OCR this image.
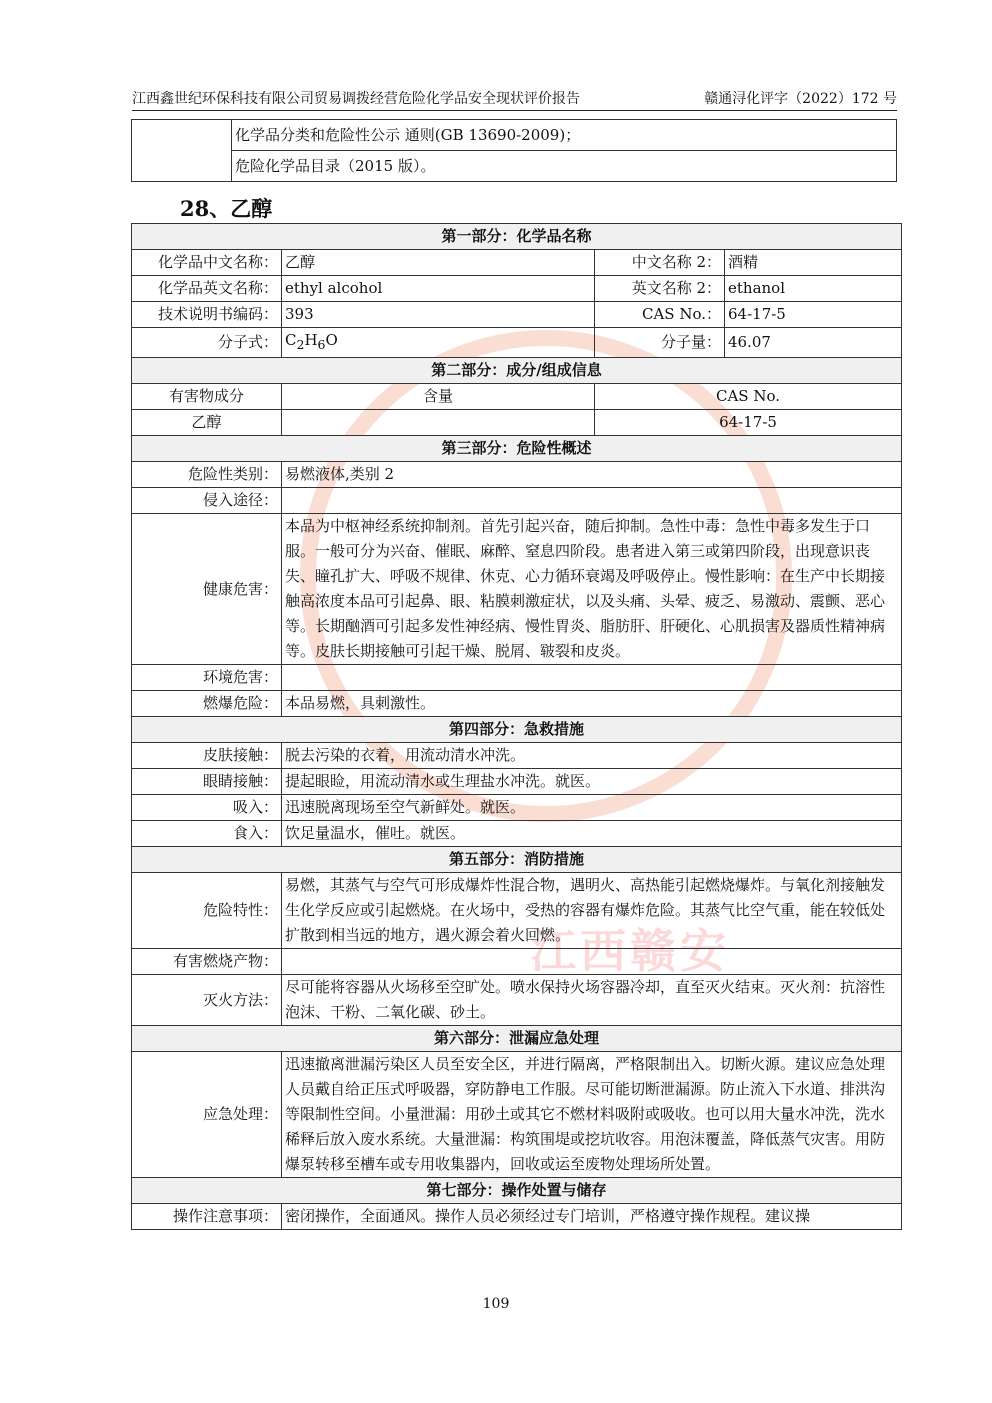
江西赣安
江西鑫世纪环保科技有限公司贸易调拨经营危险化学品安全现状评价报告	赣通浔化评字（2022）172 号
	化学品分类和危险性公示 通则(GB 13690-2009)；
危险化学品目录（2015 版）。
28、乙醇
第一部分：化学品名称			
化学品中文名称：	乙醇	中文名称 2：	酒精
化学品英文名称：	ethyl alcohol	英文名称 2：	ethanol
技术说明书编码：	393	CAS No.：	64-17-5
分子式：	$C_2H_6O$	分子量：	46.07
第二部分：成分/组成信息			
有害物成分	含量	CAS No.	
乙醇		64-17-5	
第三部分：危险性概述			
危险性类别：	易燃液体,类别 2		
侵入途径：			
健康危害：	本品为中枢神经系统抑制剂。首先引起兴奋，随后抑制。急性中毒：急性中毒多发生于口服。一般可分为兴奋、催眠、麻醉、窒息四阶段。患者进入第三或第四阶段，出现意识丧失、瞳孔扩大、呼吸不规律、休克、心力循环衰竭及呼吸停止。慢性影响：在生产中长期接触高浓度本品可引起鼻、眼、粘膜刺激症状，以及头痛、头晕、疲乏、易激动、震颤、恶心等。长期酗酒可引起多发性神经病、慢性胃炎、脂肪肝、肝硬化、心肌损害及器质性精神病等。皮肤长期接触可引起干燥、脱屑、皲裂和皮炎。		
环境危害：			
燃爆危险：	本品易燃，具刺激性。		
第四部分：急救措施			
皮肤接触：	脱去污染的衣着，用流动清水冲洗。		
眼睛接触：	提起眼睑，用流动清水或生理盐水冲洗。就医。		
吸入：	迅速脱离现场至空气新鲜处。就医。		
食入：	饮足量温水，催吐。就医。		
第五部分：消防措施			
危险特性：	易燃，其蒸气与空气可形成爆炸性混合物，遇明火、高热能引起燃烧爆炸。与氧化剂接触发生化学反应或引起燃烧。在火场中，受热的容器有爆炸危险。其蒸气比空气重，能在较低处扩散到相当远的地方，遇火源会着火回燃。		
有害燃烧产物：			
灭火方法：	尽可能将容器从火场移至空旷处。喷水保持火场容器冷却，直至灭火结束。灭火剂：抗溶性泡沫、干粉、二氧化碳、砂土。		
第六部分：泄漏应急处理			
应急处理：	迅速撤离泄漏污染区人员至安全区，并进行隔离，严格限制出入。切断火源。建议应急处理人员戴自给正压式呼吸器，穿防静电工作服。尽可能切断泄漏源。防止流入下水道、排洪沟等限制性空间。小量泄漏：用砂土或其它不燃材料吸附或吸收。也可以用大量水冲洗，洗水稀释后放入废水系统。大量泄漏：构筑围堤或挖坑收容。用泡沫覆盖，降低蒸气灾害。用防爆泵转移至槽车或专用收集器内，回收或运至废物处理场所处置。		
第七部分：操作处置与储存			
操作注意事项：	密闭操作，全面通风。操作人员必须经过专门培训，严格遵守操作规程。建议操		
109
